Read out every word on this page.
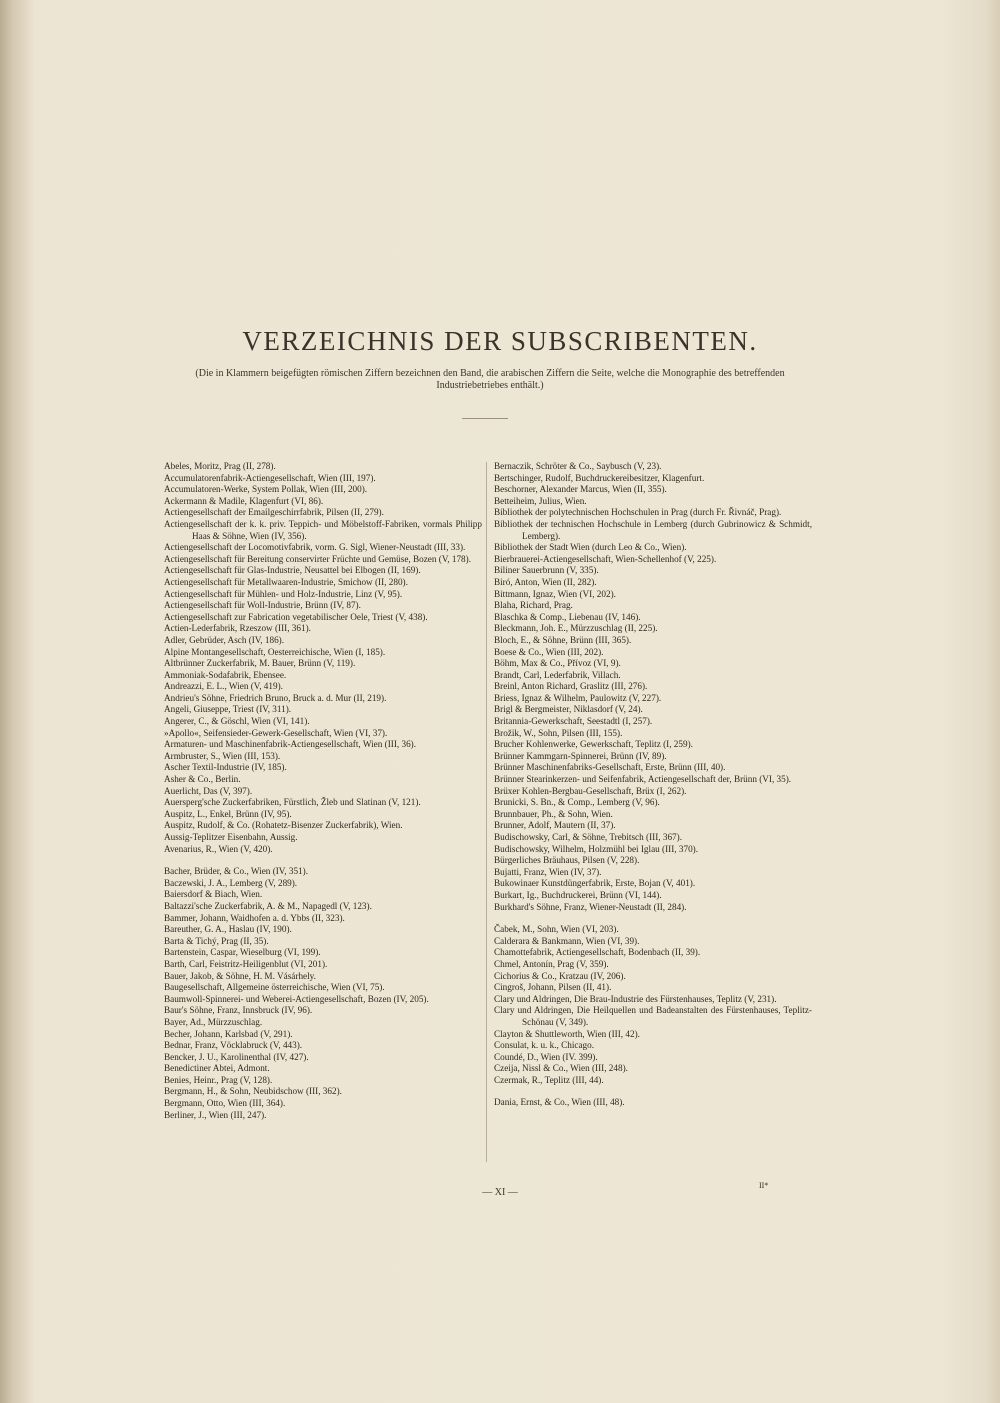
VERZEICHNIS DER SUBSCRIBENTEN.

(Die in Klammern beigefügten römischen Ziffern bezeichnen den Band, die arabischen Ziffern die Seite, welche die Monographie des betreffenden Industriebetriebes enthält.)

Abeles, Moritz, Prag (II, 278).

Accumulatorenfabrik-Actiengesellschaft, Wien (III, 197).

Accumulatoren-Werke, System Pollak, Wien (III, 200).

Ackermann & Madile, Klagenfurt (VI, 86).

Actiengesellschaft der Emailgeschirrfabrik, Pilsen (II, 279).

Actiengesellschaft der k. k. priv. Teppich- und Möbelstoff-Fabriken, vormals Philipp Haas & Söhne, Wien (IV, 356).

Actiengesellschaft der Locomotivfabrik, vorm. G. Sigl, Wiener-Neustadt (III, 33).

Actiengesellschaft für Bereitung conservirter Früchte und Gemüse, Bozen (V, 178).

Actiengesellschaft für Glas-Industrie, Neusattel bei Elbogen (II, 169).

Actiengesellschaft für Metallwaaren-Industrie, Smichow (II, 280).

Actiengesellschaft für Mühlen- und Holz-Industrie, Linz (V, 95).

Actiengesellschaft für Woll-Industrie, Brünn (IV, 87).

Actiengesellschaft zur Fabrication vegetabilischer Oele, Triest (V, 438).

Actien-Lederfabrik, Rzeszow (III, 361).

Adler, Gebrüder, Asch (IV, 186).

Alpine Montangesellschaft, Oesterreichische, Wien (I, 185).

Altbrünner Zuckerfabrik, M. Bauer, Brünn (V, 119).

Ammoniak-Sodafabrik, Ebensee.

Andreazzi, E. L., Wien (V, 419).

Andrieu's Söhne, Friedrich Bruno, Bruck a. d. Mur (II, 219).

Angeli, Giuseppe, Triest (IV, 311).

Angerer, C., & Göschl, Wien (VI, 141).

»Apollo«, Seifensieder-Gewerk-Gesellschaft, Wien (VI, 37).

Armaturen- und Maschinenfabrik-Actiengesellschaft, Wien (III, 36).

Armbruster, S., Wien (III, 153).

Ascher Textil-Industrie (IV, 185).

Asher & Co., Berlin.

Auerlicht, Das (V, 397).

Auersperg'sche Zuckerfabriken, Fürstlich, Žleb und Slatinan (V, 121).

Auspitz, L., Enkel, Brünn (IV, 95).

Auspitz, Rudolf, & Co. (Rohatetz-Bisenzer Zuckerfabrik), Wien.

Aussig-Teplitzer Eisenbahn, Aussig.

Avenarius, R., Wien (V, 420).

Bacher, Brüder, & Co., Wien (IV, 351).

Baczewski, J. A., Lemberg (V, 289).

Baiersdorf & Biach, Wien.

Baltazzi'sche Zuckerfabrik, A. & M., Napagedl (V, 123).

Bammer, Johann, Waidhofen a. d. Ybbs (II, 323).

Bareuther, G. A., Haslau (IV, 190).

Barta & Tichý, Prag (II, 35).

Bartenstein, Caspar, Wieselburg (VI, 199).

Barth, Carl, Feistritz-Heiligenblut (VI, 201).

Bauer, Jakob, & Söhne, H. M. Vásárhely.

Baugesellschaft, Allgemeine österreichische, Wien (VI, 75).

Baumwoll-Spinnerei- und Weberei-Actiengesellschaft, Bozen (IV, 205).

Baur's Söhne, Franz, Innsbruck (IV, 96).

Bayer, Ad., Mürzzuschlag.

Becher, Johann, Karlsbad (V, 291).

Bednar, Franz, Vöcklabruck (V, 443).

Bencker, J. U., Karolinenthal (IV, 427).

Benedictiner Abtei, Admont.

Benies, Heinr., Prag (V, 128).

Bergmann, H., & Sohn, Neubidschow (III, 362).

Bergmann, Otto, Wien (III, 364).

Berliner, J., Wien (III, 247).

Bernaczik, Schröter & Co., Saybusch (V, 23).

Bertschinger, Rudolf, Buchdruckereibesitzer, Klagenfurt.

Beschorner, Alexander Marcus, Wien (II, 355).

Betteiheim, Julius, Wien.

Bibliothek der polytechnischen Hochschulen in Prag (durch Fr. Řivnáč, Prag).

Bibliothek der technischen Hochschule in Lemberg (durch Gubrinowicz & Schmidt, Lemberg).

Bibliothek der Stadt Wien (durch Leo & Co., Wien).

Bierbrauerei-Actiengesellschaft, Wien-Schellenhof (V, 225).

Biliner Sauerbrunn (V, 335).

Biró, Anton, Wien (II, 282).

Bittmann, Ignaz, Wien (VI, 202).

Blaha, Richard, Prag.

Blaschka & Comp., Liebenau (IV, 146).

Bleckmann, Joh. E., Mürzzuschlag (II, 225).

Bloch, E., & Söhne, Brünn (III, 365).

Boese & Co., Wien (III, 202).

Böhm, Max & Co., Přívoz (VI, 9).

Brandt, Carl, Lederfabrik, Villach.

Breinl, Anton Richard, Graslitz (III, 276).

Briess, Ignaz & Wilhelm, Paulowitz (V, 227).

Brigl & Bergmeister, Niklasdorf (V, 24).

Britannia-Gewerkschaft, Seestadtl (I, 257).

Brožik, W., Sohn, Pilsen (III, 155).

Brucher Kohlenwerke, Gewerkschaft, Teplitz (I, 259).

Brünner Kammgarn-Spinnerei, Brünn (IV, 89).

Brünner Maschinenfabriks-Gesellschaft, Erste, Brünn (III, 40).

Brünner Stearinkerzen- und Seifenfabrik, Actiengesellschaft der, Brünn (VI, 35).

Brüxer Kohlen-Bergbau-Gesellschaft, Brüx (I, 262).

Brunicki, S. Bn., & Comp., Lemberg (V, 96).

Brunnbauer, Ph., & Sohn, Wien.

Brunner, Adolf, Mautern (II, 37).

Budischowsky, Carl, & Söhne, Trebitsch (III, 367).

Budischowsky, Wilhelm, Holzmühl bei Iglau (III, 370).

Bürgerliches Bräuhaus, Pilsen (V, 228).

Bujatti, Franz, Wien (IV, 37).

Bukowinaer Kunstdüngerfabrik, Erste, Bojan (V, 401).

Burkart, Ig., Buchdruckerei, Brünn (VI, 144).

Burkhard's Söhne, Franz, Wiener-Neustadt (II, 284).

Čabek, M., Sohn, Wien (VI, 203).

Calderara & Bankmann, Wien (VI, 39).

Chamottefabrik, Actiengesellschaft, Bodenbach (II, 39).

Chmel, Antonín, Prag (V, 359).

Cichorius & Co., Kratzau (IV, 206).

Cingroš, Johann, Pilsen (II, 41).

Clary und Aldringen, Die Brau-Industrie des Fürstenhauses, Teplitz (V, 231).

Clary und Aldringen, Die Heilquellen und Badeanstalten des Fürstenhauses, Teplitz-Schönau (V, 349).

Clayton & Shuttleworth, Wien (III, 42).

Consulat, k. u. k., Chicago.

Coundé, D., Wien (IV. 399).

Czeija, Nissl & Co., Wien (III, 248).

Czermak, R., Teplitz (III, 44).

Dania, Ernst, & Co., Wien (III, 48).

— XI —
II*
